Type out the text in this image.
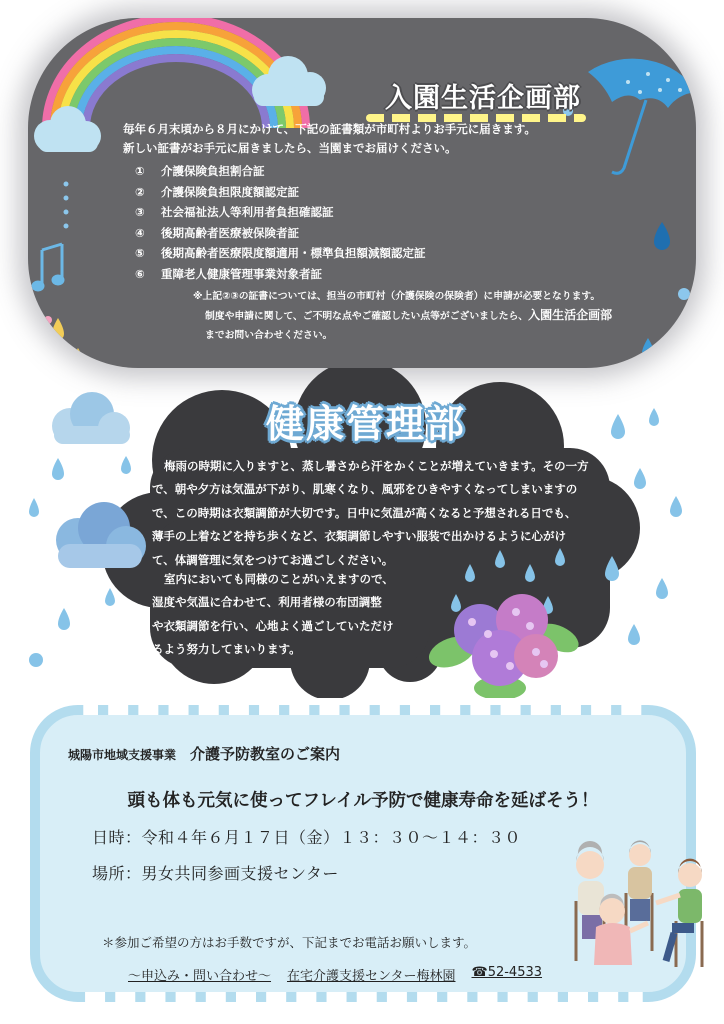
入園生活企画部
毎年６月末頃から８月にかけて、下記の証書類が市町村よりお手元に届きます。
新しい証書がお手元に届きましたら、当園までお届けください。
①	介護保険負担割合証
②	介護保険負担限度額認定証
③	社会福祉法人等利用者負担確認証
④	後期高齢者医療被保険者証
⑤	後期高齢者医療限度額適用・標準負担額減額認定証
⑥	重障老人健康管理事業対象者証
※上記②③の証書については、担当の市町村（介護保険の保険者）に申請が必要となります。
制度や申請に関して、ご不明な点やご確認したい点等がございましたら、入園生活企画部
までお問い合わせください。
健康管理部
梅雨の時期に入りますと、蒸し暑さから汗をかくことが増えていきます。その一方
で、朝や夕方は気温が下がり、肌寒くなり、風邪をひきやすくなってしまいますの
で、この時期は衣類調節が大切です。日中に気温が高くなると予想される日でも、
薄手の上着などを持ち歩くなど、衣類調節しやすい服装で出かけるように心がけ
て、体調管理に気をつけてお過ごしください。
室内においても同様のことがいえますので、
湿度や気温に合わせて、利用者様の布団調整
や衣類調節を行い、心地よく過ごしていただけ
るよう努力してまいります。
城陽市地域支援事業 介護予防教室のご案内
頭も体も元気に使ってフレイル予防で健康寿命を延ばそう！
日時：令和４年６月１７日（金）１３：３０～１４：３０
場所：男女共同参画支援センター
＊参加ご希望の方はお手数ですが、下記までお電話お願いします。
～申込み・問い合わせ～ 在宅介護支援センター梅林園 ☎52-4533
